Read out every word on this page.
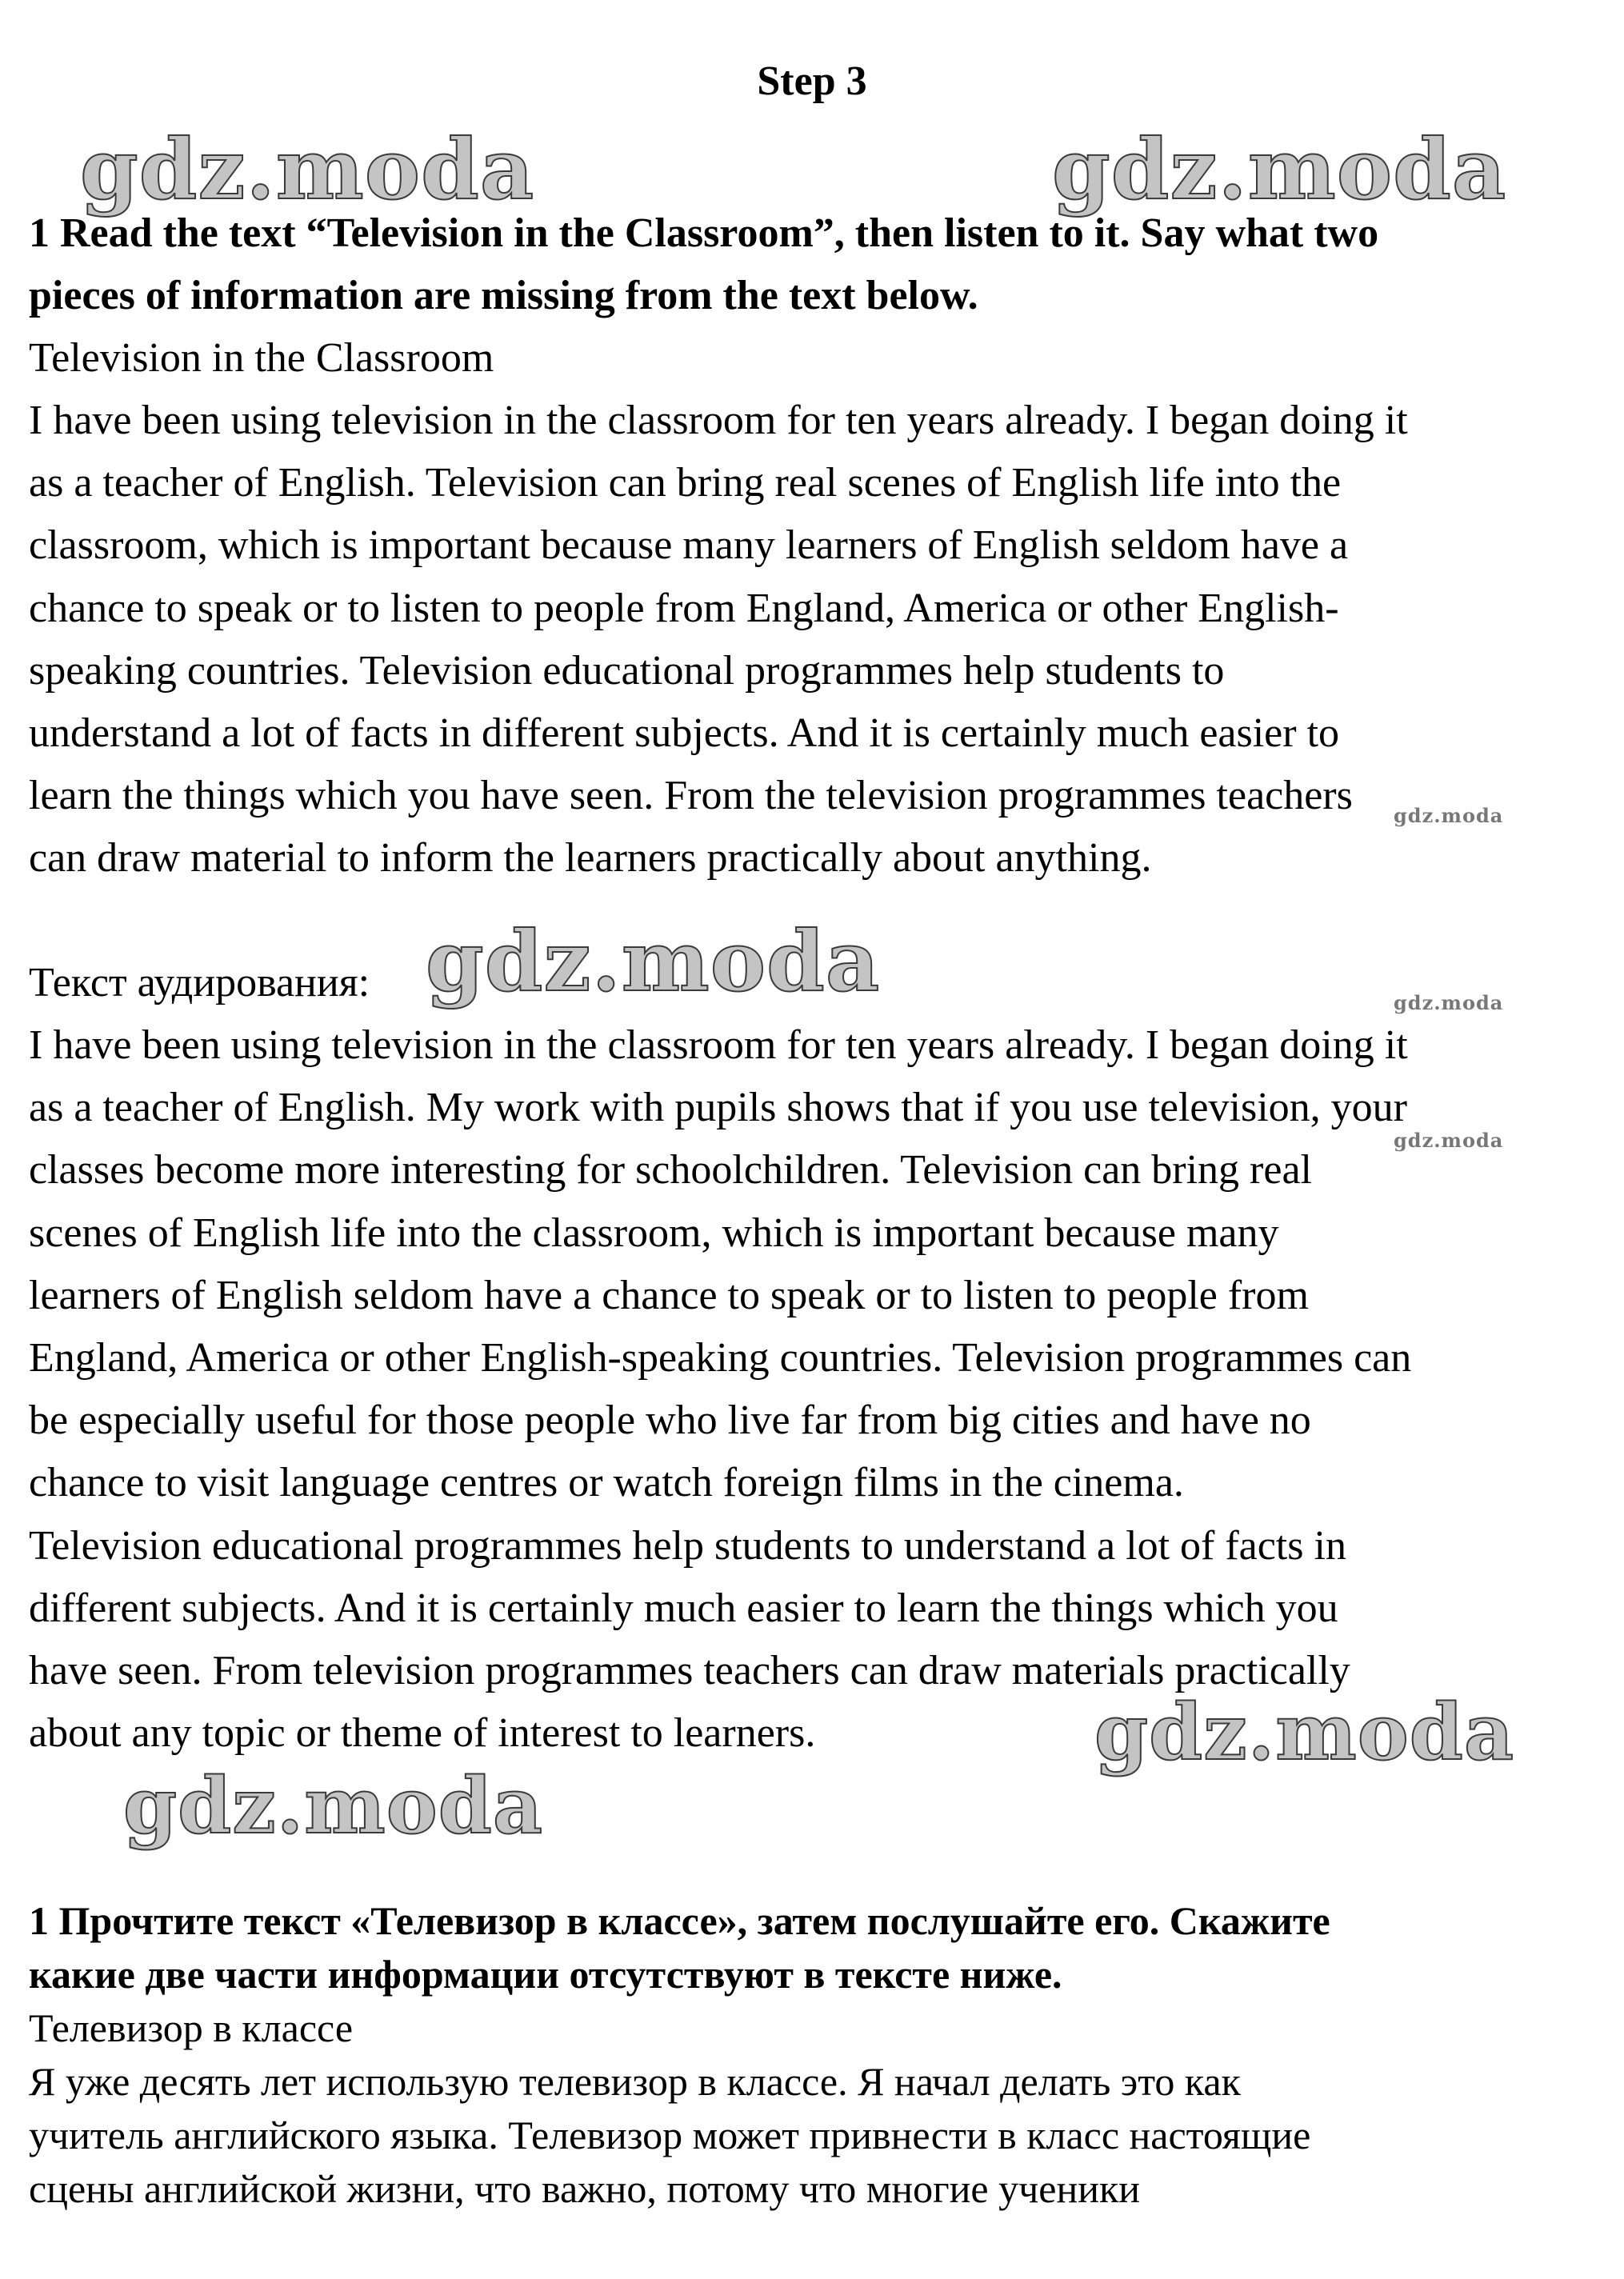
gdz.moda	gdz.moda
gdz.moda
gdz.moda	gdz.moda
gdz.moda
gdz.moda
gdz.moda
Step 3
1 Read the text “Television in the Classroom”, then listen to it. Say what two
pieces of information are missing from the text below.
Television in the Classroom
I have been using television in the classroom for ten years already. I began doing it
as a teacher of English. Television can bring real scenes of English life into the
classroom, which is important because many learners of English seldom have a
chance to speak or to listen to people from England, America or other English-
speaking countries. Television educational programmes help students to
understand a lot of facts in different subjects. And it is certainly much easier to
learn the things which you have seen. From the television programmes teachers
can draw material to inform the learners practically about anything.
Текст аудирования:
I have been using television in the classroom for ten years already. I began doing it
as a teacher of English. My work with pupils shows that if you use television, your
classes become more interesting for schoolchildren. Television can bring real
scenes of English life into the classroom, which is important because many
learners of English seldom have a chance to speak or to listen to people from
England, America or other English-speaking countries. Television programmes can
be especially useful for those people who live far from big cities and have no
chance to visit language centres or watch foreign films in the cinema.
Television educational programmes help students to understand a lot of facts in
different subjects. And it is certainly much easier to learn the things which you
have seen. From television programmes teachers can draw materials practically
about any topic or theme of interest to learners.
1 Прочтите текст «Телевизор в классе», затем послушайте его. Скажите
какие две части информации отсутствуют в тексте ниже.
Телевизор в классе
Я уже десять лет использую телевизор в классе. Я начал делать это как
учитель английского языка. Телевизор может привнести в класс настоящие
сцены английской жизни, что важно, потому что многие ученики
